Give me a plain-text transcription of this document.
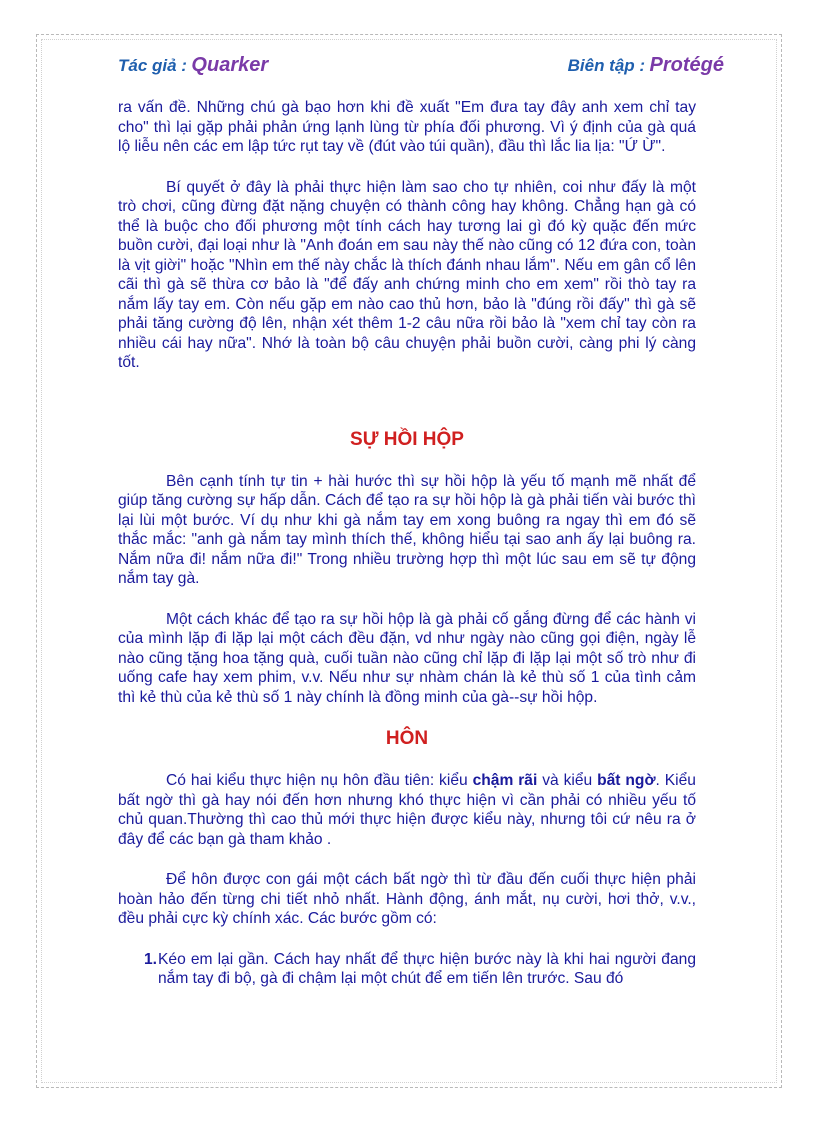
Tác giả : Quarker	Biên tập : Protégé

ra vấn đề. Những chú gà bạo hơn khi đề xuất "Em đưa tay đây anh xem chỉ tay cho" thì lại gặp phải phản ứng lạnh lùng từ phía đối phương. Vì ý định của gà quá lộ liễu nên các em lập tức rụt tay về (đút vào túi quần), đầu thì lắc lia lịa: "Ứ Ừ".

Bí quyết ở đây là phải thực hiện làm sao cho tự nhiên, coi như đấy là một trò chơi, cũng đừng đặt nặng chuyện có thành công hay không. Chẳng hạn gà có thể là buộc cho đối phương một tính cách hay tương lai gì đó kỳ quặc đến mức buồn cười, đại loại như là "Anh đoán em sau này thế nào cũng có 12 đứa con, toàn là vịt giời" hoặc "Nhìn em thế này chắc là thích đánh nhau lắm". Nếu em gân cổ lên cãi thì gà sẽ thừa cơ bảo là "để đấy anh chứng minh cho em xem" rồi thò tay ra nắm lấy tay em. Còn nếu gặp em nào cao thủ hơn, bảo là "đúng rồi đấy" thì gà sẽ phải tăng cường độ lên, nhận xét thêm 1-2 câu nữa rồi bảo là "xem chỉ tay còn ra nhiều cái hay nữa". Nhớ là toàn bộ câu chuyện phải buồn cười, càng phi lý càng tốt.

SỰ HỒI HỘP

Bên cạnh tính tự tin + hài hước thì sự hồi hộp là yếu tố mạnh mẽ nhất để giúp tăng cường sự hấp dẫn. Cách để tạo ra sự hồi hộp là gà phải tiến vài bước thì lại lùi một bước. Ví dụ như khi gà nắm tay em xong buông ra ngay thì em đó sẽ thắc mắc: "anh gà nắm tay mình thích thế, không hiểu tại sao anh ấy lại buông ra. Nắm nữa đi! nắm nữa đi!" Trong nhiều trường hợp thì một lúc sau em sẽ tự động nắm tay gà.

Một cách khác để tạo ra sự hồi hộp là gà phải cố gắng đừng để các hành vi của mình lặp đi lặp lại một cách đều đặn, vd như ngày nào cũng gọi điện, ngày lễ nào cũng tặng hoa tặng quà, cuối tuần nào cũng chỉ lặp đi lặp lại một số trò như đi uống cafe hay xem phim, v.v. Nếu như sự nhàm chán là kẻ thù số 1 của tình cảm thì kẻ thù của kẻ thù số 1 này chính là đồng minh của gà--sự hồi hộp.

HÔN

Có hai kiểu thực hiện nụ hôn đầu tiên: kiểu chậm rãi và kiểu bất ngờ. Kiểu bất ngờ thì gà hay nói đến hơn nhưng khó thực hiện vì cần phải có nhiều yếu tố chủ quan.Thường thì cao thủ mới thực hiện được kiểu này, nhưng tôi cứ nêu ra ở đây để các bạn gà tham khảo .

Để hôn được con gái một cách bất ngờ thì từ đầu đến cuối thực hiện phải hoàn hảo đến từng chi tiết nhỏ nhất. Hành động, ánh mắt, nụ cười, hơi thở, v.v., đều phải cực kỳ chính xác. Các bước gồm có:

1. Kéo em lại gần. Cách hay nhất để thực hiện bước này là khi hai người đang nắm tay đi bộ, gà đi chậm lại một chút để em tiến lên trước. Sau đó
